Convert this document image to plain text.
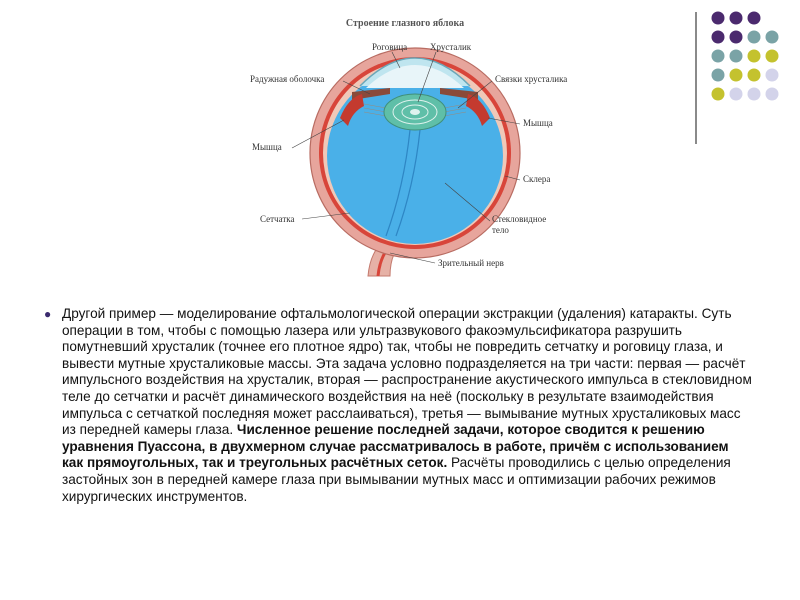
Строение глазного яблока
Роговица	Хрусталик
Радужная оболочка	Связки хрусталика
Мышца
Мышца
Склера
Сетчатка	Стекловидное
тело
Зрительный нерв
● Другой пример — моделирование офтальмологической операции экстракции (удаления) катаракты. Суть операции в том, чтобы с помощью лазера или ультразвукового факоэмульсификатора разрушить помутневший хрусталик (точнее его плотное ядро) так, чтобы не повредить сетчатку и роговицу глаза, и вывести мутные хрусталиковые массы. Эта задача условно подразделяется на три части: первая — расчёт импульсного воздействия на хрусталик, вторая — распространение акустического импульса в стекловидном теле до сетчатки и расчёт динамического воздействия на неё (поскольку в результате взаимодействия импульса с сетчаткой последняя может расслаиваться), третья — вымывание мутных хрусталиковых масс из передней камеры глаза. Численное решение последней задачи, которое сводится к решению уравнения Пуассона, в двухмерном случае рассматривалось в работе, причём с использованием как прямоугольных, так и треугольных расчётных сеток. Расчёты проводились с целью определения застойных зон в передней камере глаза при вымывании мутных масс и оптимизации рабочих режимов хирургических инструментов.
